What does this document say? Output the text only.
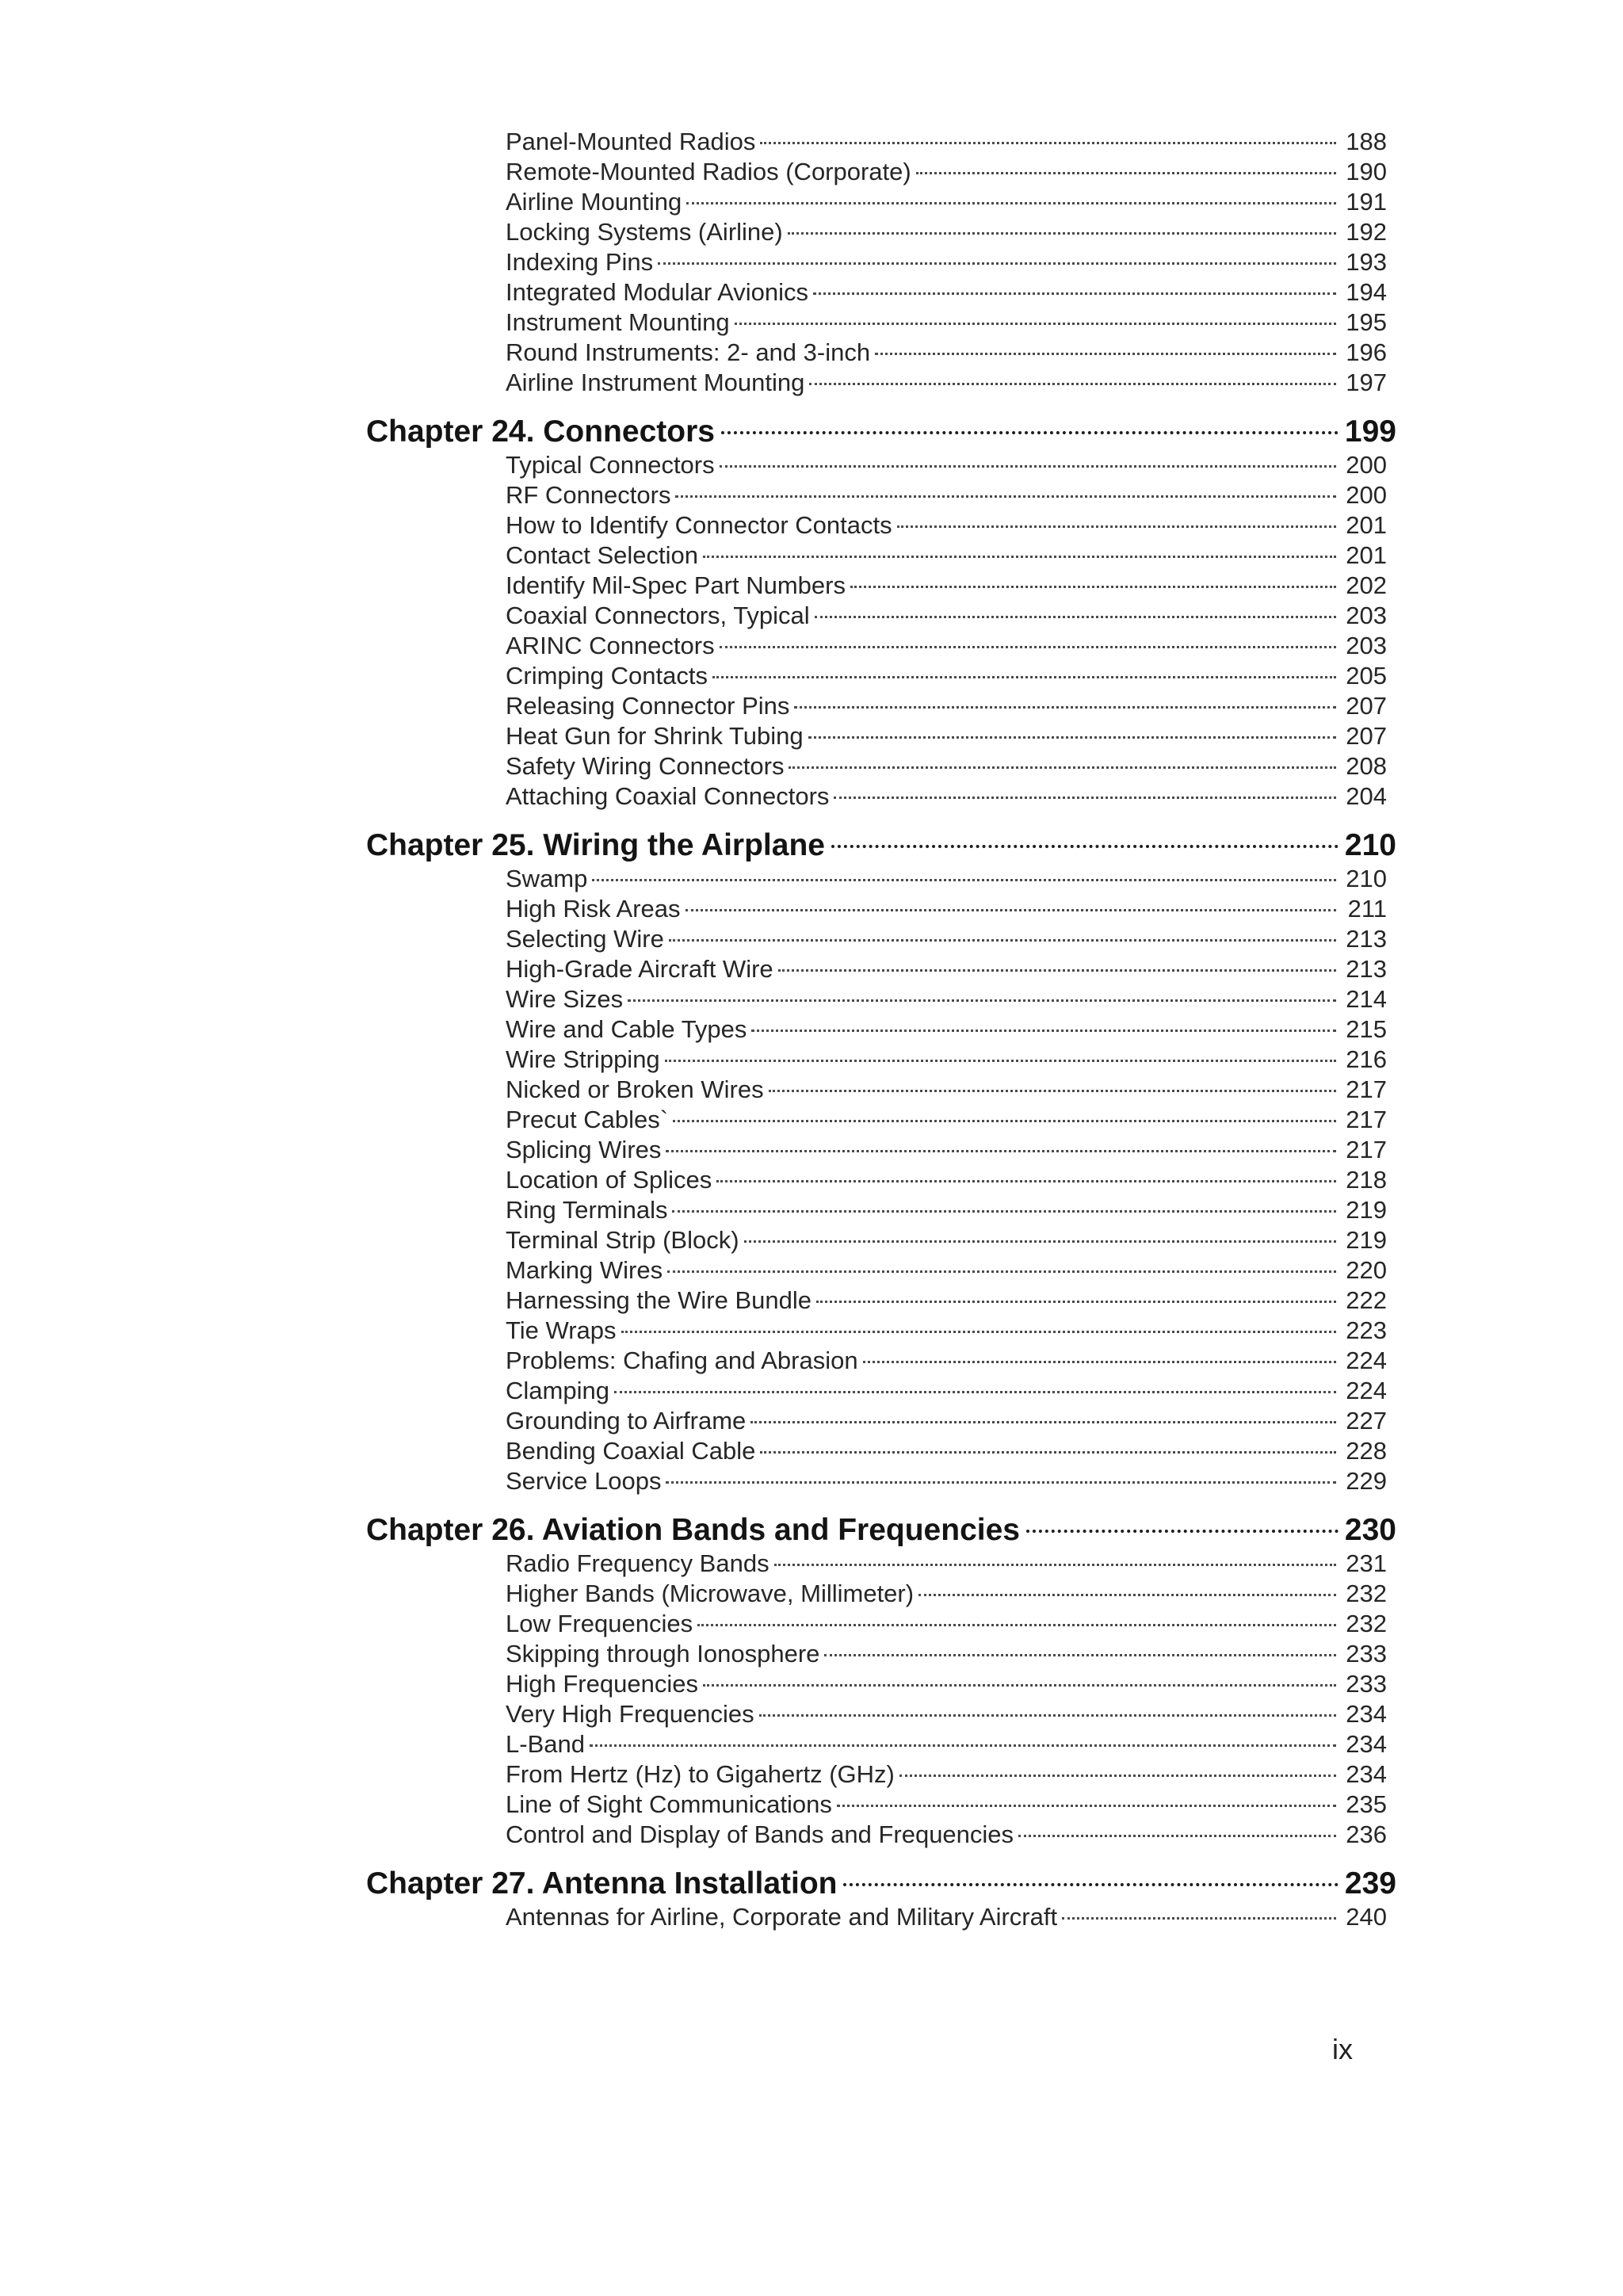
Panel-Mounted Radios	188
Remote-Mounted Radios (Corporate)	190
Airline Mounting	191
Locking Systems (Airline)	192
Indexing Pins	193
Integrated Modular Avionics	194
Instrument Mounting	195
Round Instruments: 2- and 3-inch	196
Airline Instrument Mounting	197
Chapter 24. Connectors	199
Typical Connectors	200
RF Connectors	200
How to Identify Connector Contacts	201
Contact Selection	201
Identify Mil-Spec Part Numbers	202
Coaxial Connectors, Typical	203
ARINC Connectors	203
Crimping Contacts	205
Releasing Connector Pins	207
Heat Gun for Shrink Tubing	207
Safety Wiring Connectors	208
Attaching Coaxial Connectors	204
Chapter 25. Wiring the Airplane	210
Swamp	210
High Risk Areas	211
Selecting Wire	213
High-Grade Aircraft Wire	213
Wire Sizes	214
Wire and Cable Types	215
Wire Stripping	216
Nicked or Broken Wires	217
Precut Cables`	217
Splicing Wires	217
Location of Splices	218
Ring Terminals	219
Terminal Strip (Block)	219
Marking Wires	220
Harnessing the Wire Bundle	222
Tie Wraps	223
Problems: Chafing and Abrasion	224
Clamping	224
Grounding to Airframe	227
Bending Coaxial Cable	228
Service Loops	229
Chapter 26. Aviation Bands and Frequencies	230
Radio Frequency Bands	231
Higher Bands (Microwave, Millimeter)	232
Low Frequencies	232
Skipping through Ionosphere	233
High Frequencies	233
Very High Frequencies	234
L-Band	234
From Hertz (Hz) to Gigahertz (GHz)	234
Line of Sight Communications	235
Control and Display of Bands and Frequencies	236
Chapter 27. Antenna Installation	239
Antennas for Airline, Corporate and Military Aircraft	240
ix
